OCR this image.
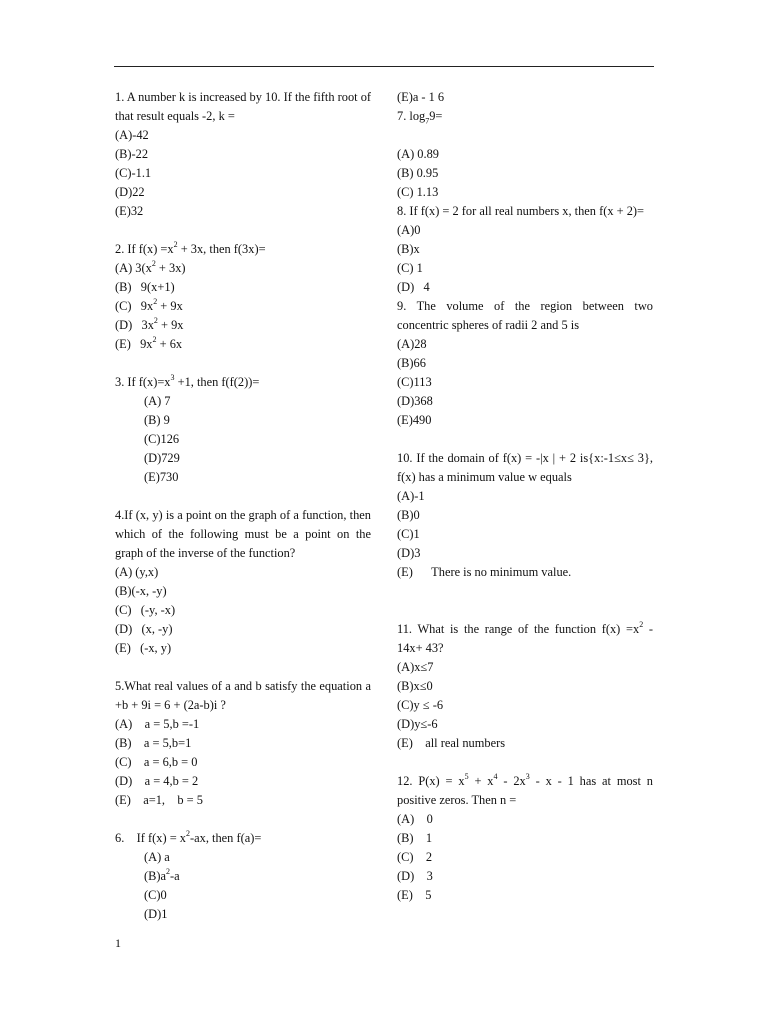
1. A number k is increased by 10. If the fifth root of that result equals -2, k =

(A)-42

(B)-22

(C)-1.1

(D)22

(E)32

2. If $f(x) =x^2 + 3x$, then f(3x)=

(A) $3(x^2 + 3x)$

(B)   9(x+1)

(C)   $9x^2 + 9x$

(D)   $3x^2 + 9x$

(E)   $9x^2 + 6x$

3. If $f(x)=x^3 +1$, then f(f(2))=

(A) 7

(B) 9

(C)126

(D)729

(E)730

4.If (x, y) is a point on the graph of a function, then which of the following must be a point on the graph of the inverse of the function?

(A) (y,x)

(B)(-x, -y)

(C)   (-y, -x)

(D)   (x, -y)

(E)   (-x, y)

5.What real values of a and b satisfy the equation a +b + 9i = 6 + (2a-b)i ?

(A)    a = 5,b =-1

(B)    a = 5,b=1

(C)    a = 6,b = 0

(D)    a = 4,b = 2

(E)    a=1,    b = 5

6.    If $f(x) = x^2-ax$, then f(a)=

(A) a

$(B)a^2-a$

(C)0

(D)1

(E)a - 1 6

7. $\log_79=$

(A) 0.89

(B) 0.95

(C) 1.13

8. If f(x) = 2 for all real numbers x, then f(x + 2)=

(A)0

(B)x

(C) 1

(D)   4

9. The volume of the region between two concentric spheres of radii 2 and 5 is

(A)28

(B)66

(C)113

(D)368

(E)490

10. If the domain of f(x) = -|x | + 2 is{x:-1≤x≤ 3}, f(x) has a minimum value w equals

(A)-1

(B)0

(C)1

(D)3

(E)      There is no minimum value.

11. What is the range of the function $f(x) =x^2 - 14x+ 43$?

(A)x≤7

(B)x≤0

(C)y ≤ -6

(D)y≤-6

(E)    all real numbers

12. $P(x) = x^5 + x^4 - 2x^3 - x - 1$ has at most n positive zeros. Then n =

(A)    0

(B)    1

(C)    2

(D)    3

(E)    5

1
